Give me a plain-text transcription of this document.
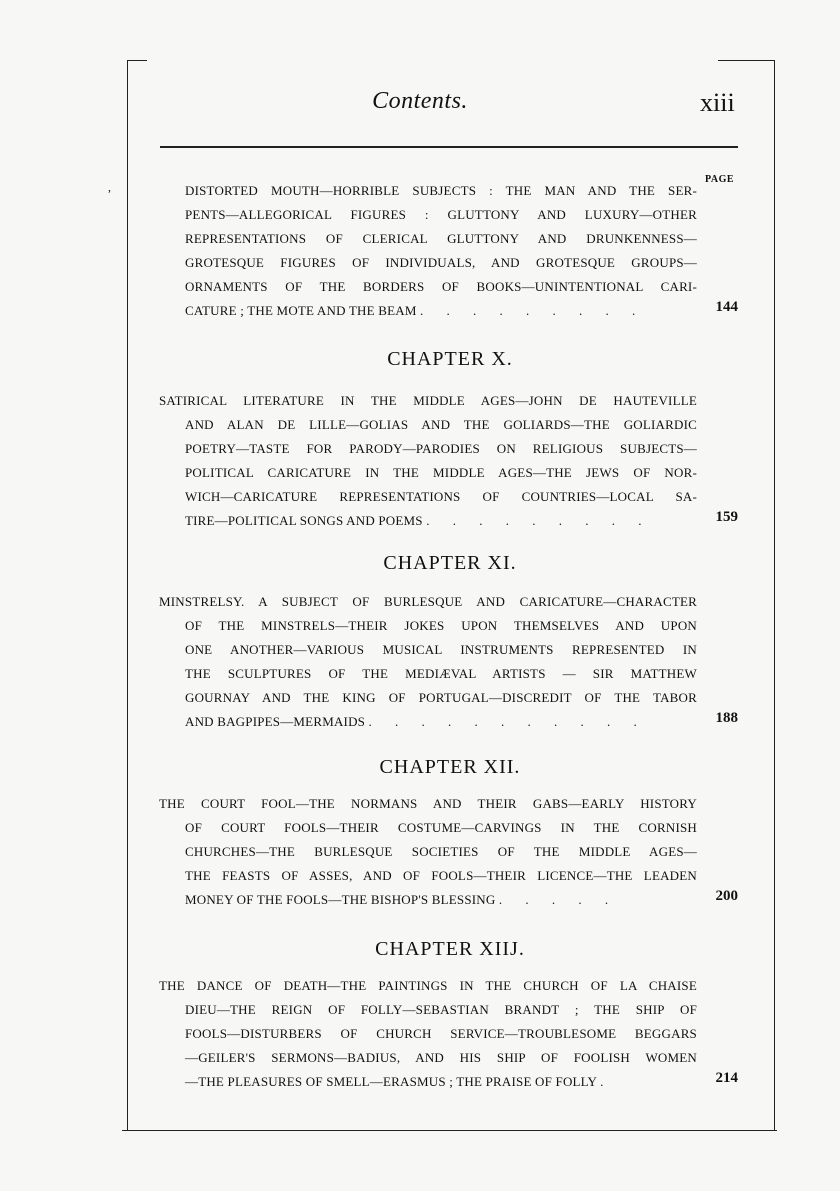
,
Contents.	xiii
PAGE
DISTORTED MOUTH—HORRIBLE SUBJECTS : THE MAN AND THE SER-
PENTS—ALLEGORICAL FIGURES : GLUTTONY AND LUXURY—OTHER
REPRESENTATIONS OF CLERICAL GLUTTONY AND DRUNKENNESS—
GROTESQUE FIGURES OF INDIVIDUALS, AND GROTESQUE GROUPS—
ORNAMENTS OF THE BORDERS OF BOOKS—UNINTENTIONAL CARI-
CATURE ; THE MOTE AND THE BEAM . . . . . . . . .	144
CHAPTER X.
SATIRICAL LITERATURE IN THE MIDDLE AGES—JOHN DE HAUTEVILLE
AND ALAN DE LILLE—GOLIAS AND THE GOLIARDS—THE GOLIARDIC
POETRY—TASTE FOR PARODY—PARODIES ON RELIGIOUS SUBJECTS—
POLITICAL CARICATURE IN THE MIDDLE AGES—THE JEWS OF NOR-
WICH—CARICATURE REPRESENTATIONS OF COUNTRIES—LOCAL SA-
TIRE—POLITICAL SONGS AND POEMS . . . . . . . . .	159
CHAPTER XI.
MINSTRELSY. A SUBJECT OF BURLESQUE AND CARICATURE—CHARACTER
OF THE MINSTRELS—THEIR JOKES UPON THEMSELVES AND UPON
ONE ANOTHER—VARIOUS MUSICAL INSTRUMENTS REPRESENTED IN
THE SCULPTURES OF THE MEDIÆVAL ARTISTS — SIR MATTHEW
GOURNAY AND THE KING OF PORTUGAL—DISCREDIT OF THE TABOR
AND BAGPIPES—MERMAIDS . . . . . . . . . . .	188
CHAPTER XII.
THE COURT FOOL—THE NORMANS AND THEIR GABS—EARLY HISTORY
OF COURT FOOLS—THEIR COSTUME—CARVINGS IN THE CORNISH
CHURCHES—THE BURLESQUE SOCIETIES OF THE MIDDLE AGES—
THE FEASTS OF ASSES, AND OF FOOLS—THEIR LICENCE—THE LEADEN
MONEY OF THE FOOLS—THE BISHOP'S BLESSING . . . . .	200
CHAPTER XIIJ.
THE DANCE OF DEATH—THE PAINTINGS IN THE CHURCH OF LA CHAISE
DIEU—THE REIGN OF FOLLY—SEBASTIAN BRANDT ; THE SHIP OF
FOOLS—DISTURBERS OF CHURCH SERVICE—TROUBLESOME BEGGARS
—GEILER'S SERMONS—BADIUS, AND HIS SHIP OF FOOLISH WOMEN
—THE PLEASURES OF SMELL—ERASMUS ; THE PRAISE OF FOLLY .	214
